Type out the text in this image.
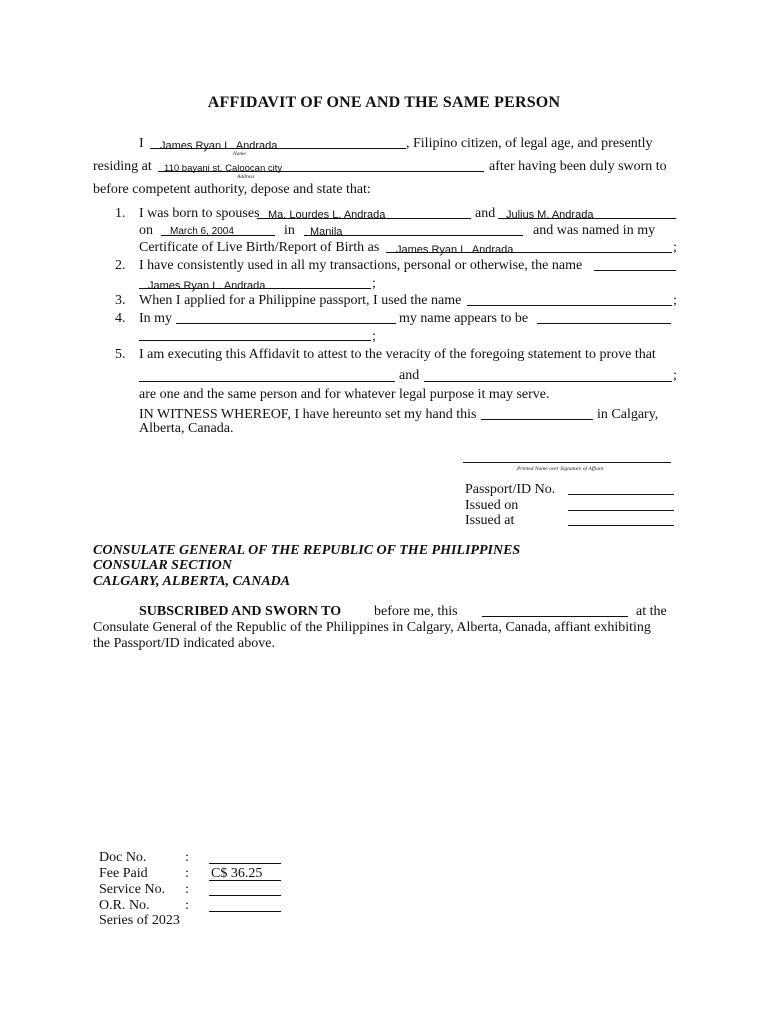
AFFIDAVIT OF ONE AND THE SAME PERSON
I James Ryan L. Andrada
Name
, Filipino citizen, of legal age, and presently
residing at 110 bayani st. Caloocan city
Address
after having been duly sworn to
before competent authority, depose and state that:
1. I was born to spouses Ma. Lourdes L. Andrada	and Julius M. Andrada
on March 6, 2004	in Manila	and was named in my
Certificate of Live Birth/Report of Birth as James Ryan L. Andrada	;
2. I have consistently used in all my transactions, personal or otherwise, the name
James Ryan L. Andrada	;
3. When I applied for a Philippine passport, I used the name	;
4. In my	my name appears to be
;
5. I am executing this Affidavit to attest to the veracity of the foregoing statement to prove that
and	;
are one and the same person and for whatever legal purpose it may serve.
IN WITNESS WHEREOF, I have hereunto set my hand this	in Calgary,
Alberta, Canada.
Printed Name over Signature of Affiant
Passport/ID No.
Issued on
Issued at
CONSULATE GENERAL OF THE REPUBLIC OF THE PHILIPPINES
CONSULAR SECTION
CALGARY, ALBERTA, CANADA
SUBSCRIBED AND SWORN TO before me, this	at the
Consulate General of the Republic of the Philippines in Calgary, Alberta, Canada, affiant exhibiting
the Passport/ID indicated above.
Doc No.	:
Fee Paid	: C$ 36.25
Service No. :
O.R. No.	:
Series of 2023
